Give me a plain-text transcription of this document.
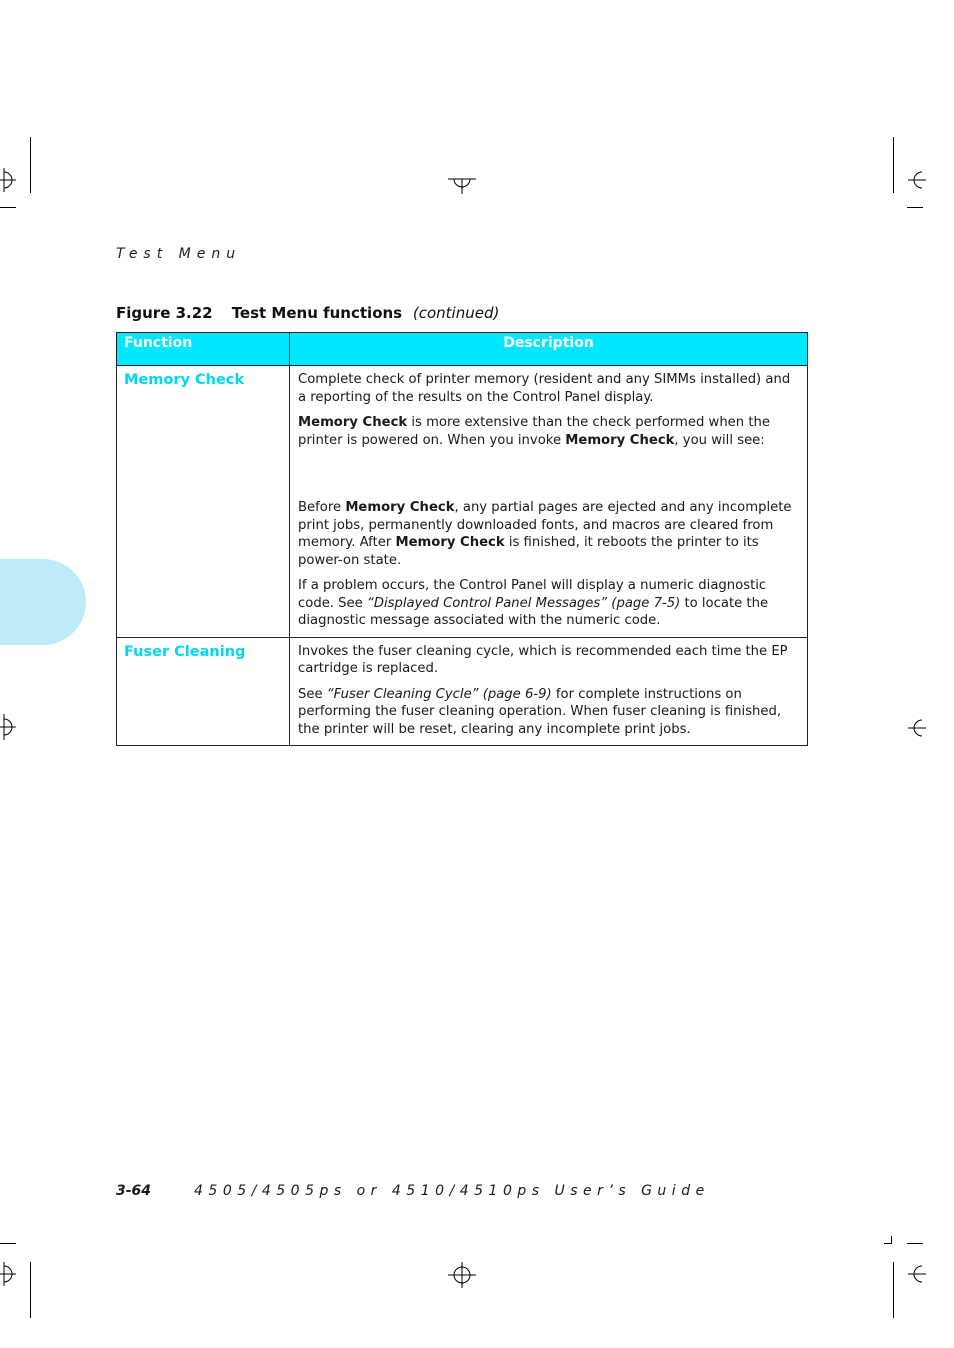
Test Menu
Figure 3.22 Test Menu functions (continued)
Function	Description
Memory Check	Complete check of printer memory (resident and any SIMMs installed) and a reporting of the results on the Control Panel display.

Memory Check is more extensive than the check performed when the printer is powered on. When you invoke Memory Check, you will see:

Before Memory Check, any partial pages are ejected and any incomplete print jobs, permanently downloaded fonts, and macros are cleared from memory. After Memory Check is finished, it reboots the printer to its power-on state.

If a problem occurs, the Control Panel will display a numeric diagnostic code. See “Displayed Control Panel Messages” (page 7-5) to locate the diagnostic message associated with the numeric code.

Fuser Cleaning	Invokes the fuser cleaning cycle, which is recommended each time the EP cartridge is replaced.

See “Fuser Cleaning Cycle” (page 6-9) for complete instructions on performing the fuser cleaning operation. When fuser cleaning is finished, the printer will be reset, clearing any incomplete print jobs.

3-64	4505/4505ps or 4510/4510ps User’s Guide
